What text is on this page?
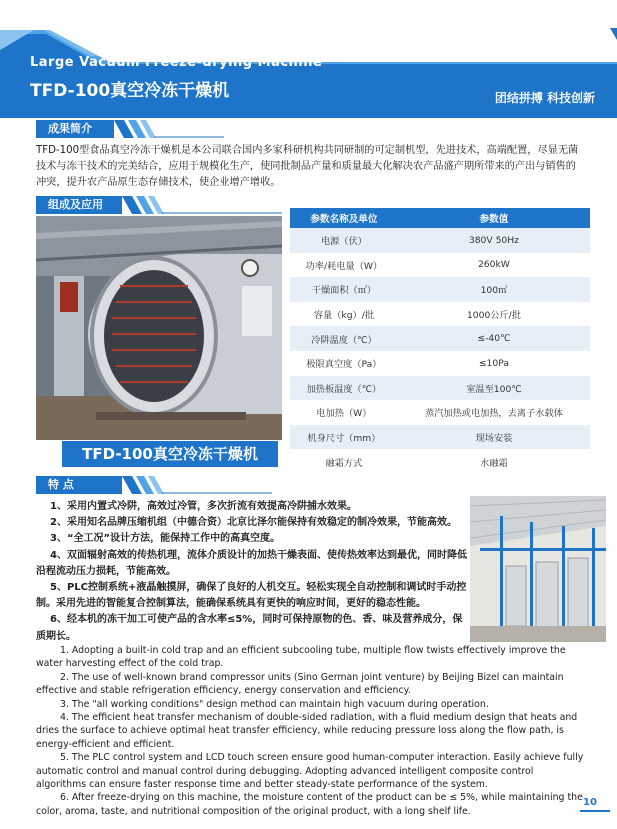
Large Vacuum Freeze-drying Machine
TFD-100真空冷冻干燥机	团结拼搏 科技创新
成果简介
TFD-100型食品真空冷冻干燥机是本公司联合国内多家科研机构共同研制的可定制机型，先进技术，高端配置，尽显无菌技术与冻干技术的完美结合，应用于规模化生产，使同批制品产量和质量最大化解决农产品盛产期所带来的产出与销售的冲突，提升农产品原生态存储技术，使企业增产增收。
组成及应用
参数名称及单位	参数值
电源（伏）	380V 50Hz
功率/耗电量（W）	260kW
干燥面积（㎡）	100㎡
容量（kg）/批	1000公斤/批
冷阱温度（℃）	≤-40℃
极限真空度（Pa）	≤10Pa
加热板温度（℃）	室温至100℃
电加热（W）	蒸汽加热或电加热，去离子水载体
机身尺寸（mm）	现场安装
融霜方式	水融霜
TFD-100真空冷冻干燥机
特 点

1、采用内置式冷阱，高效过冷管，多次折流有效提高冷阱捕水效果。

2、采用知名品牌压缩机组（中德合资）北京比泽尔能保持有效稳定的制冷效果，节能高效。

3、“全工况”设计方法，能保持工作中的高真空度。

4、双面辐射高效的传热机理，流体介质设计的加热干燥表面、使传热效率达到最优，同时降低沿程流动压力损耗，节能高效。

5、PLC控制系统+液晶触摸屏，确保了良好的人机交互。轻松实现全自动控制和调试时手动控制。采用先进的智能复合控制算法，能确保系统具有更快的响应时间，更好的稳态性能。

6、经本机的冻干加工可使产品的含水率≤5%，同时可保持原物的色、香、味及营养成分，保质期长。

1. Adopting a built-in cold trap and an efficient subcooling tube, multiple flow twists effectively improve the water harvesting effect of the cold trap.

2. The use of well-known brand compressor units (Sino German joint venture) by Beijing Bizel can maintain effective and stable refrigeration efficiency, energy conservation and efficiency.

3. The "all working conditions" design method can maintain high vacuum during operation.

4. The efficient heat transfer mechanism of double-sided radiation, with a fluid medium design that heats and dries the surface to achieve optimal heat transfer efficiency, while reducing pressure loss along the flow path, is energy-efficient and efficient.

5. The PLC control system and LCD touch screen ensure good human-computer interaction. Easily achieve fully automatic control and manual control during debugging. Adopting advanced intelligent composite control algorithms can ensure faster response time and better steady-state performance of the system.

6. After freeze-drying on this machine, the moisture content of the product can be ≤ 5%, while maintaining the color, aroma, taste, and nutritional composition of the original product, with a long shelf life.

10
